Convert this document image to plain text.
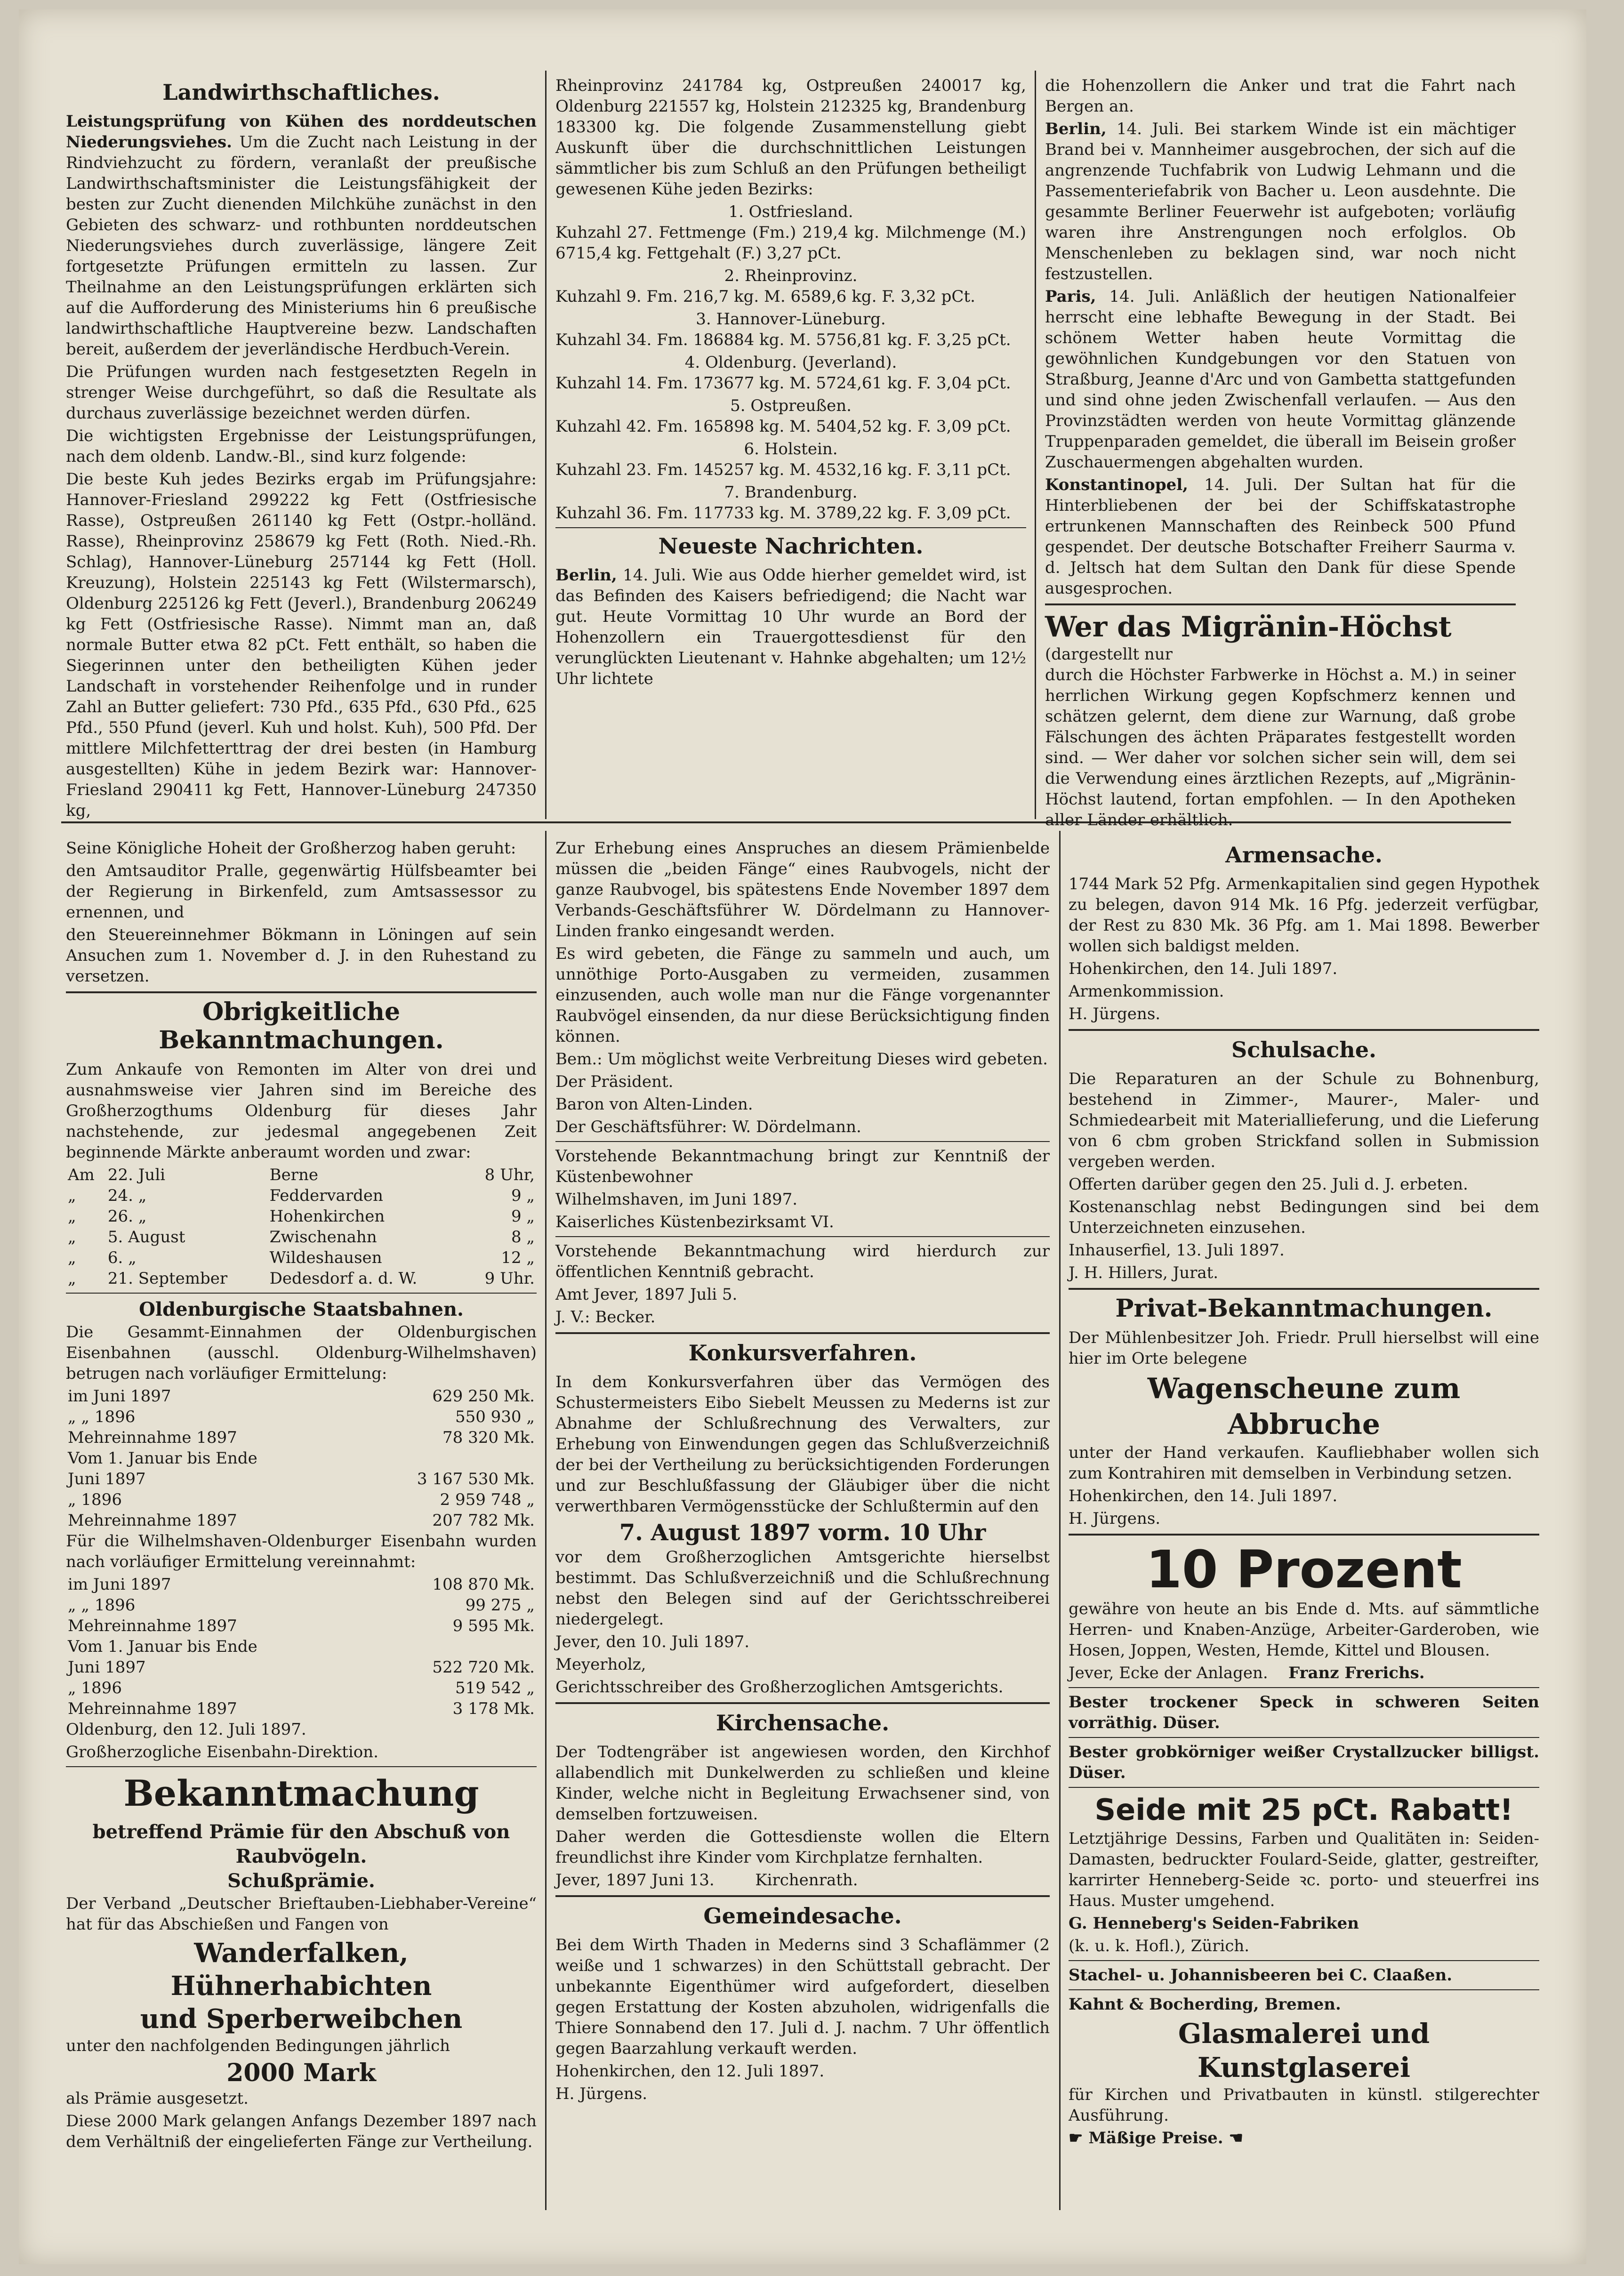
Landwirthschaftliches.

Leistungsprüfung von Kühen des norddeutschen Niederungsviehes. Um die Zucht nach Leistung in der Rindviehzucht zu fördern, veranlaßt der preußische Landwirthschaftsminister die Leistungsfähigkeit der besten zur Zucht dienenden Milchkühe zunächst in den Gebieten des schwarz- und rothbunten norddeutschen Niederungsviehes durch zuverlässige, längere Zeit fortgesetzte Prüfungen ermitteln zu lassen. Zur Theilnahme an den Leistungsprüfungen erklärten sich auf die Aufforderung des Ministeriums hin 6 preußische landwirthschaftliche Hauptvereine bezw. Landschaften bereit, außerdem der jeverländische Herdbuch-Verein.

Die Prüfungen wurden nach festgesetzten Regeln in strenger Weise durchgeführt, so daß die Resultate als durchaus zuverlässige bezeichnet werden dürfen.

Die wichtigsten Ergebnisse der Leistungsprüfungen, nach dem oldenb. Landw.-Bl., sind kurz folgende:

Die beste Kuh jedes Bezirks ergab im Prüfungsjahre: Hannover-Friesland 299222 kg Fett (Ostfriesische Rasse), Ostpreußen 261140 kg Fett (Ostpr.-holländ. Rasse), Rheinprovinz 258679 kg Fett (Roth. Nied.-Rh. Schlag), Hannover-Lüneburg 257144 kg Fett (Holl. Kreuzung), Holstein 225143 kg Fett (Wilstermarsch), Oldenburg 225126 kg Fett (Jeverl.), Brandenburg 206249 kg Fett (Ostfriesische Rasse). Nimmt man an, daß normale Butter etwa 82 pCt. Fett enthält, so haben die Siegerinnen unter den betheiligten Kühen jeder Landschaft in vorstehender Reihenfolge und in runder Zahl an Butter geliefert: 730 Pfd., 635 Pfd., 630 Pfd., 625 Pfd., 550 Pfund (jeverl. Kuh und holst. Kuh), 500 Pfd. Der mittlere Milchfetterttrag der drei besten (in Hamburg ausgestellten) Kühe in jedem Bezirk war: Hannover-Friesland 290411 kg Fett, Hannover-Lüneburg 247350 kg,

Rheinprovinz 241784 kg, Ostpreußen 240017 kg, Oldenburg 221557 kg, Holstein 212325 kg, Brandenburg 183300 kg. Die folgende Zusammenstellung giebt Auskunft über die durchschnittlichen Leistungen sämmtlicher bis zum Schluß an den Prüfungen betheiligt gewesenen Kühe jeden Bezirks:

1. Ostfriesland.

Kuhzahl 27. Fettmenge (Fm.) 219,4 kg. Milchmenge (M.) 6715,4 kg. Fettgehalt (F.) 3,27 pCt.

2. Rheinprovinz.

Kuhzahl 9. Fm. 216,7 kg. M. 6589,6 kg. F. 3,32 pCt.

3. Hannover-Lüneburg.

Kuhzahl 34. Fm. 186884 kg. M. 5756,81 kg. F. 3,25 pCt.

4. Oldenburg. (Jeverland).

Kuhzahl 14. Fm. 173677 kg. M. 5724,61 kg. F. 3,04 pCt.

5. Ostpreußen.

Kuhzahl 42. Fm. 165898 kg. M. 5404,52 kg. F. 3,09 pCt.

6. Holstein.

Kuhzahl 23. Fm. 145257 kg. M. 4532,16 kg. F. 3,11 pCt.

7. Brandenburg.

Kuhzahl 36. Fm. 117733 kg. M. 3789,22 kg. F. 3,09 pCt.

Neueste Nachrichten.

Berlin, 14. Juli. Wie aus Odde hierher gemeldet wird, ist das Befinden des Kaisers befriedigend; die Nacht war gut. Heute Vormittag 10 Uhr wurde an Bord der Hohenzollern ein Trauergottesdienst für den verunglückten Lieutenant v. Hahnke abgehalten; um 12½ Uhr lichtete

die Hohenzollern die Anker und trat die Fahrt nach Bergen an.

Berlin, 14. Juli. Bei starkem Winde ist ein mächtiger Brand bei v. Mannheimer ausgebrochen, der sich auf die angrenzende Tuchfabrik von Ludwig Lehmann und die Passementeriefabrik von Bacher u. Leon ausdehnte. Die gesammte Berliner Feuerwehr ist aufgeboten; vorläufig waren ihre Anstrengungen noch erfolglos. Ob Menschenleben zu beklagen sind, war noch nicht festzustellen.

Paris, 14. Juli. Anläßlich der heutigen Nationalfeier herrscht eine lebhafte Bewegung in der Stadt. Bei schönem Wetter haben heute Vormittag die gewöhnlichen Kundgebungen vor den Statuen von Straßburg, Jeanne d'Arc und von Gambetta stattgefunden und sind ohne jeden Zwischenfall verlaufen. — Aus den Provinzstädten werden von heute Vormittag glänzende Truppenparaden gemeldet, die überall im Beisein großer Zuschauermengen abgehalten wurden.

Konstantinopel, 14. Juli. Der Sultan hat für die Hinterbliebenen der bei der Schiffskatastrophe ertrunkenen Mannschaften des Reinbeck 500 Pfund gespendet. Der deutsche Botschafter Freiherr Saurma v. d. Jeltsch hat dem Sultan den Dank für diese Spende ausgesprochen.

Wer das Migränin-Höchst (dargestellt nur

durch die Höchster Farbwerke in Höchst a. M.) in seiner herrlichen Wirkung gegen Kopfschmerz kennen und schätzen gelernt, dem diene zur Warnung, daß grobe Fälschungen des ächten Präparates festgestellt worden sind. — Wer daher vor solchen sicher sein will, dem sei die Verwendung eines ärztlichen Rezepts, auf „Migränin-Höchst lautend, fortan empfohlen. — In den Apotheken aller Länder erhältlich.

Seine Königliche Hoheit der Großherzog haben geruht:

den Amtsauditor Pralle, gegenwärtig Hülfsbeamter bei der Regierung in Birkenfeld, zum Amtsassessor zu ernennen, und

den Steuereinnehmer Bökmann in Löningen auf sein Ansuchen zum 1. November d. J. in den Ruhestand zu versetzen.

Obrigkeitliche Bekanntmachungen.

Zum Ankaufe von Remonten im Alter von drei und ausnahmsweise vier Jahren sind im Bereiche des Großherzogthums Oldenburg für dieses Jahr nachstehende, zur jedesmal angegebenen Zeit beginnende Märkte anberaumt worden und zwar:

Am	22. Juli	Berne	8 Uhr,
„	24. „	Feddervarden	9 „
„	26. „	Hohenkirchen	9 „
„	5. August	Zwischenahn	8 „
„	6. „	Wildeshausen	12 „
„	21. September	Dedesdorf a. d. W.	9 Uhr.
Oldenburgische Staatsbahnen.

Die Gesammt-Einnahmen der Oldenburgischen Eisenbahnen (ausschl. Oldenburg-Wilhelmshaven) betrugen nach vorläufiger Ermittelung:

im Juni 1897	629 250 Mk.
„ „ 1896	550 930 „
Mehreinnahme 1897	78 320 Mk.
Vom 1. Januar bis Ende	
Juni 1897	3 167 530 Mk.
„ 1896	2 959 748 „
Mehreinnahme 1897	207 782 Mk.

Für die Wilhelmshaven-Oldenburger Eisenbahn wurden nach vorläufiger Ermittelung vereinnahmt:

im Juni 1897	108 870 Mk.
„ „ 1896	99 275 „
Mehreinnahme 1897	9 595 Mk.
Vom 1. Januar bis Ende	
Juni 1897	522 720 Mk.
„ 1896	519 542 „
Mehreinnahme 1897	3 178 Mk.

Oldenburg, den 12. Juli 1897.

Großherzogliche Eisenbahn-Direktion.

Bekanntmachung
betreffend Prämie für den Abschuß von Raubvögeln.
Schußprämie.

Der Verband „Deutscher Brieftauben-Liebhaber-Vereine“ hat für das Abschießen und Fangen von

Wanderfalken, Hühnerhabichten
und Sperberweibchen

unter den nachfolgenden Bedingungen jährlich

2000 Mark

als Prämie ausgesetzt.

Diese 2000 Mark gelangen Anfangs Dezember 1897 nach dem Verhältniß der eingelieferten Fänge zur Vertheilung.

Zur Erhebung eines Anspruches an diesem Prämienbelde müssen die „beiden Fänge“ eines Raubvogels, nicht der ganze Raubvogel, bis spätestens Ende November 1897 dem Verbands-Geschäftsführer W. Dördelmann zu Hannover-Linden franko eingesandt werden.

Es wird gebeten, die Fänge zu sammeln und auch, um unnöthige Porto-Ausgaben zu vermeiden, zusammen einzusenden, auch wolle man nur die Fänge vorgenannter Raubvögel einsenden, da nur diese Berücksichtigung finden können.

Bem.: Um möglichst weite Verbreitung Dieses wird gebeten.

Der Präsident.

Baron von Alten-Linden.

Der Geschäftsführer: W. Dördelmann.

Vorstehende Bekanntmachung bringt zur Kenntniß der Küstenbewohner

Wilhelmshaven, im Juni 1897.

Kaiserliches Küstenbezirksamt VI.

Vorstehende Bekanntmachung wird hierdurch zur öffentlichen Kenntniß gebracht.

Amt Jever, 1897 Juli 5.

J. V.: Becker.

Konkursverfahren.

In dem Konkursverfahren über das Vermögen des Schustermeisters Eibo Siebelt Meussen zu Mederns ist zur Abnahme der Schlußrechnung des Verwalters, zur Erhebung von Einwendungen gegen das Schlußverzeichniß der bei der Vertheilung zu berücksichtigenden Forderungen und zur Beschlußfassung der Gläubiger über die nicht verwerthbaren Vermögensstücke der Schlußtermin auf den

7. August 1897 vorm. 10 Uhr

vor dem Großherzoglichen Amtsgerichte hierselbst bestimmt. Das Schlußverzeichniß und die Schlußrechnung nebst den Belegen sind auf der Gerichtsschreiberei niedergelegt.

Jever, den 10. Juli 1897.

Meyerholz,

Gerichtsschreiber des Großherzoglichen Amtsgerichts.

Kirchensache.

Der Todtengräber ist angewiesen worden, den Kirchhof allabendlich mit Dunkelwerden zu schließen und kleine Kinder, welche nicht in Begleitung Erwachsener sind, von demselben fortzuweisen.

Daher werden die Gottesdienste wollen die Eltern freundlichst ihre Kinder vom Kirchplatze fernhalten.

Jever, 1897 Juni 13.	Kirchenrath.

Gemeindesache.

Bei dem Wirth Thaden in Mederns sind 3 Schaflämmer (2 weiße und 1 schwarzes) in den Schüttstall gebracht. Der unbekannte Eigenthümer wird aufgefordert, dieselben gegen Erstattung der Kosten abzuholen, widrigenfalls die Thiere Sonnabend den 17. Juli d. J. nachm. 7 Uhr öffentlich gegen Baarzahlung verkauft werden.

Hohenkirchen, den 12. Juli 1897.

H. Jürgens.

Armensache.

1744 Mark 52 Pfg. Armenkapitalien sind gegen Hypothek zu belegen, davon 914 Mk. 16 Pfg. jederzeit verfügbar, der Rest zu 830 Mk. 36 Pfg. am 1. Mai 1898. Bewerber wollen sich baldigst melden.

Hohenkirchen, den 14. Juli 1897.

Armenkommission.

H. Jürgens.

Schulsache.

Die Reparaturen an der Schule zu Bohnenburg, bestehend in Zimmer-, Maurer-, Maler- und Schmiedearbeit mit Materiallieferung, und die Lieferung von 6 cbm groben Strickfand sollen in Submission vergeben werden.

Offerten darüber gegen den 25. Juli d. J. erbeten.

Kostenanschlag nebst Bedingungen sind bei dem Unterzeichneten einzusehen.

Inhauserfiel, 13. Juli 1897.

J. H. Hillers, Jurat.

Privat-Bekanntmachungen.

Der Mühlenbesitzer Joh. Friedr. Prull hierselbst will eine hier im Orte belegene

Wagenscheune zum Abbruche

unter der Hand verkaufen. Kaufliebhaber wollen sich zum Kontrahiren mit demselben in Verbindung setzen.

Hohenkirchen, den 14. Juli 1897.

H. Jürgens.

10 Prozent

gewähre von heute an bis Ende d. Mts. auf sämmtliche Herren- und Knaben-Anzüge, Arbeiter-Garderoben, wie Hosen, Joppen, Westen, Hemde, Kittel und Blousen.

Jever, Ecke der Anlagen. Franz Frerichs.

Bester trockener Speck in schweren Seiten vorräthig. Düser.

Bester grobkörniger weißer Crystallzucker billigst. Düser.

Seide mit 25 pCt. Rabatt!

Letztjährige Dessins, Farben und Qualitäten in: Seiden-Damasten, bedruckter Foulard-Seide, glatter, gestreifter, karrirter Henneberg-Seide ꝛc. porto- und steuerfrei ins Haus. Muster umgehend.

G. Henneberg's Seiden-Fabriken

(k. u. k. Hofl.), Zürich.

Stachel- u. Johannisbeeren bei C. Claaßen.

Kahnt & Bocherding, Bremen.

Glasmalerei und Kunstglaserei

für Kirchen und Privatbauten in künstl. stilgerechter Ausführung.

☛ Mäßige Preise. ☚
